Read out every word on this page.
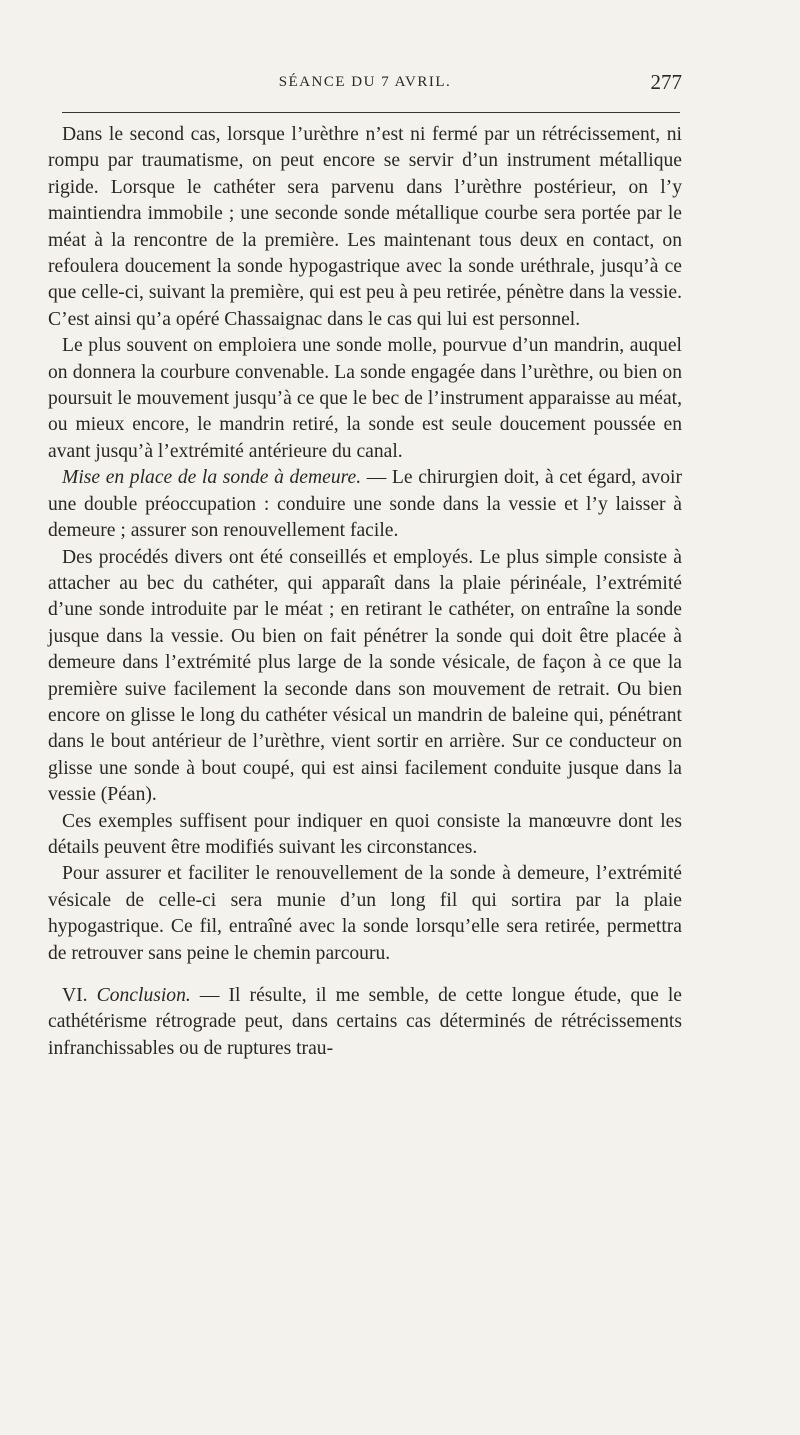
SÉANCE DU 7 AVRIL.	277

Dans le second cas, lorsque l’urèthre n’est ni fermé par un rétrécissement, ni rompu par traumatisme, on peut encore se servir d’un instrument métallique rigide. Lorsque le cathéter sera parvenu dans l’urèthre postérieur, on l’y maintiendra immobile ; une seconde sonde métallique courbe sera portée par le méat à la rencontre de la première. Les maintenant tous deux en contact, on refoulera doucement la sonde hypogastrique avec la sonde uréthrale, jusqu’à ce que celle-ci, suivant la première, qui est peu à peu retirée, pénètre dans la vessie. C’est ainsi qu’a opéré Chassaignac dans le cas qui lui est personnel.

Le plus souvent on emploiera une sonde molle, pourvue d’un mandrin, auquel on donnera la courbure convenable. La sonde engagée dans l’urèthre, ou bien on poursuit le mouvement jusqu’à ce que le bec de l’instrument apparaisse au méat, ou mieux encore, le mandrin retiré, la sonde est seule doucement poussée en avant jusqu’à l’extrémité antérieure du canal.

Mise en place de la sonde à demeure. — Le chirurgien doit, à cet égard, avoir une double préoccupation : conduire une sonde dans la vessie et l’y laisser à demeure ; assurer son renouvellement facile.

Des procédés divers ont été conseillés et employés. Le plus simple consiste à attacher au bec du cathéter, qui apparaît dans la plaie périnéale, l’extrémité d’une sonde introduite par le méat ; en retirant le cathéter, on entraîne la sonde jusque dans la vessie. Ou bien on fait pénétrer la sonde qui doit être placée à demeure dans l’extrémité plus large de la sonde vésicale, de façon à ce que la première suive facilement la seconde dans son mouvement de retrait. Ou bien encore on glisse le long du cathéter vésical un mandrin de baleine qui, pénétrant dans le bout antérieur de l’urèthre, vient sortir en arrière. Sur ce conducteur on glisse une sonde à bout coupé, qui est ainsi facilement conduite jusque dans la vessie (Péan).

Ces exemples suffisent pour indiquer en quoi consiste la manœuvre dont les détails peuvent être modifiés suivant les circonstances.

Pour assurer et faciliter le renouvellement de la sonde à demeure, l’extrémité vésicale de celle-ci sera munie d’un long fil qui sortira par la plaie hypogastrique. Ce fil, entraîné avec la sonde lorsqu’elle sera retirée, permettra de retrouver sans peine le chemin parcouru.

VI. Conclusion. — Il résulte, il me semble, de cette longue étude, que le cathétérisme rétrograde peut, dans certains cas déterminés de rétrécissements infranchissables ou de ruptures trau-
